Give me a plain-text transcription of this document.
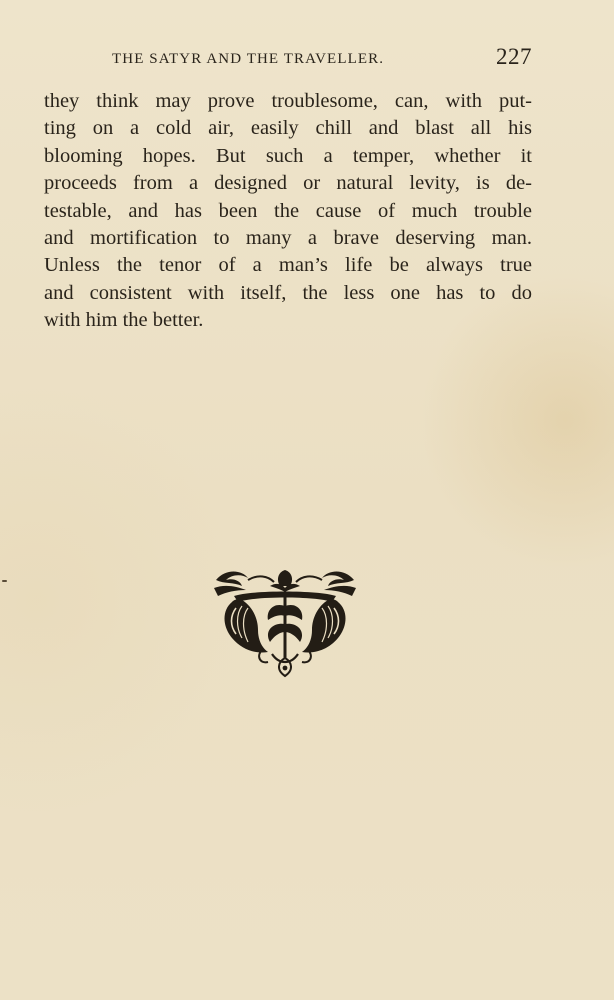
THE SATYR AND THE TRAVELLER.	227
they think may prove troublesome, can, with put-
ting on a cold air, easily chill and blast all his
blooming hopes. But such a temper, whether it
proceeds from a designed or natural levity, is de-
testable, and has been the cause of much trouble
and mortification to many a brave deserving man.
Unless the tenor of a man’s life be always true
and consistent with itself, the less one has to do
with him the better.
